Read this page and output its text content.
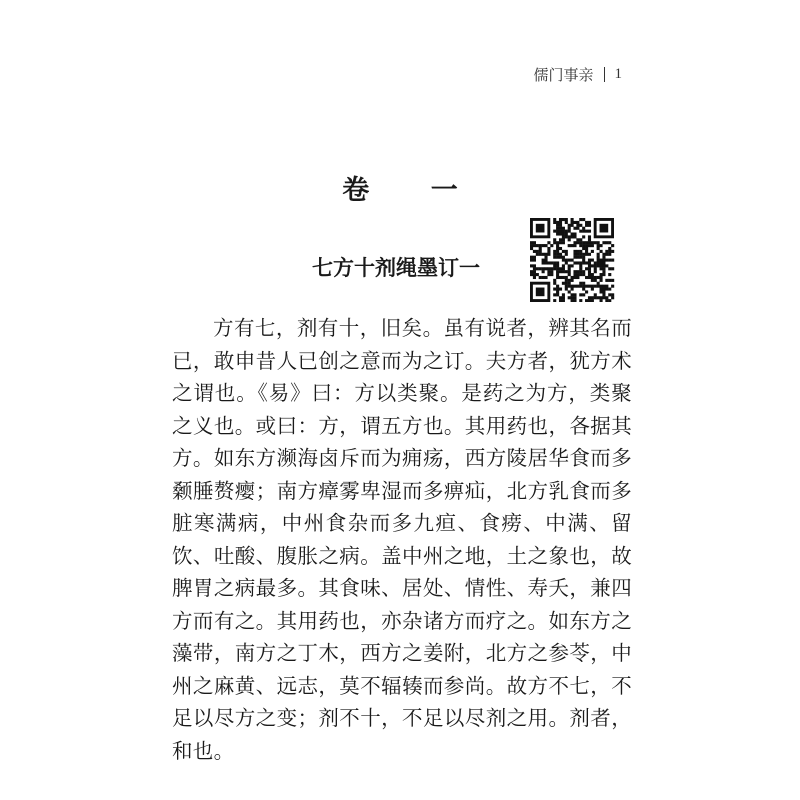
儒门事亲 1
卷 一
七方十剂绳墨订一

方有七，剂有十，旧矣。虽有说者，辨其名而已，敢申昔人已创之意而为之订。夫方者，犹方术之谓也。《易》曰：方以类聚。是药之为方，类聚之义也。或曰：方，谓五方也。其用药也，各据其方。如东方濒海卤斥而为痈疡，西方陵居华食而多颡腄赘瘿；南方瘴雾卑湿而多痹疝，北方乳食而多脏寒满病，中州食杂而多九疸、食痨、中满、留饮、吐酸、腹胀之病。盖中州之地，土之象也，故脾胃之病最多。其食味、居处、情性、寿夭，兼四方而有之。其用药也，亦杂诸方而疗之。如东方之藻带，南方之丁木，西方之姜附，北方之参苓，中州之麻黄、远志，莫不辐辏而参尚。故方不七，不足以尽方之变；剂不十，不足以尽剂之用。剂者，和也。
